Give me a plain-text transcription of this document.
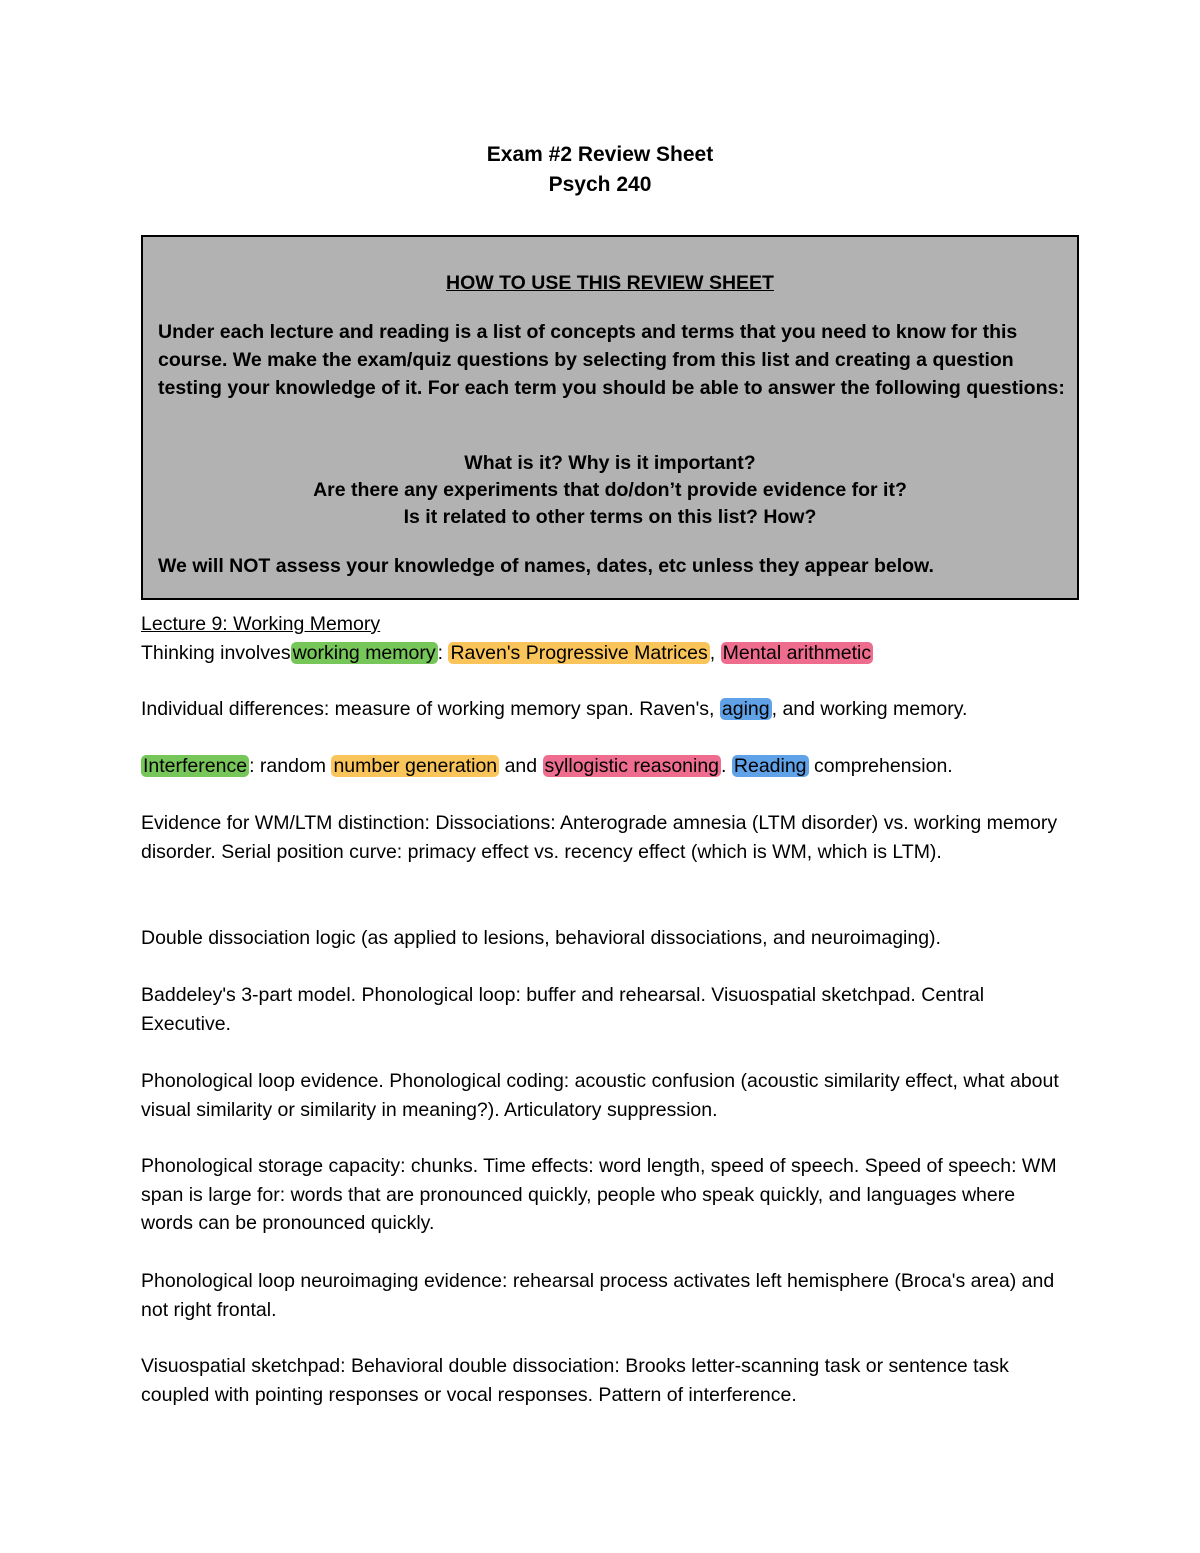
Exam #2 Review Sheet
Psych 240
HOW TO USE THIS REVIEW SHEET
Under each lecture and reading is a list of concepts and terms that you need to know for this course. We make the exam/quiz questions by selecting from this list and creating a question testing your knowledge of it. For each term you should be able to answer the following questions:
What is it? Why is it important?
Are there any experiments that do/don’t provide evidence for it?
Is it related to other terms on this list? How?
We will NOT assess your knowledge of names, dates, etc unless they appear below.
Lecture 9: Working Memory
Thinking involves working memory : Raven's Progressive Matrices , Mental arithmetic
Individual differences: measure of working memory span. Raven's, aging , and working memory.
Interference : random number generation and syllogistic reasoning . Reading comprehension.
Evidence for WM/LTM distinction: Dissociations: Anterograde amnesia (LTM disorder) vs. working memory disorder. Serial position curve: primacy effect vs. recency effect (which is WM, which is LTM).
Double dissociation logic (as applied to lesions, behavioral dissociations, and neuroimaging).
Baddeley's 3-part model. Phonological loop: buffer and rehearsal. Visuospatial sketchpad. Central Executive.
Phonological loop evidence. Phonological coding: acoustic confusion (acoustic similarity effect, what about visual similarity or similarity in meaning?). Articulatory suppression.
Phonological storage capacity: chunks. Time effects: word length, speed of speech. Speed of speech: WM span is large for: words that are pronounced quickly, people who speak quickly, and languages where words can be pronounced quickly.
Phonological loop neuroimaging evidence: rehearsal process activates left hemisphere (Broca's area) and not right frontal.
Visuospatial sketchpad: Behavioral double dissociation: Brooks letter-scanning task or sentence task coupled with pointing responses or vocal responses. Pattern of interference.
